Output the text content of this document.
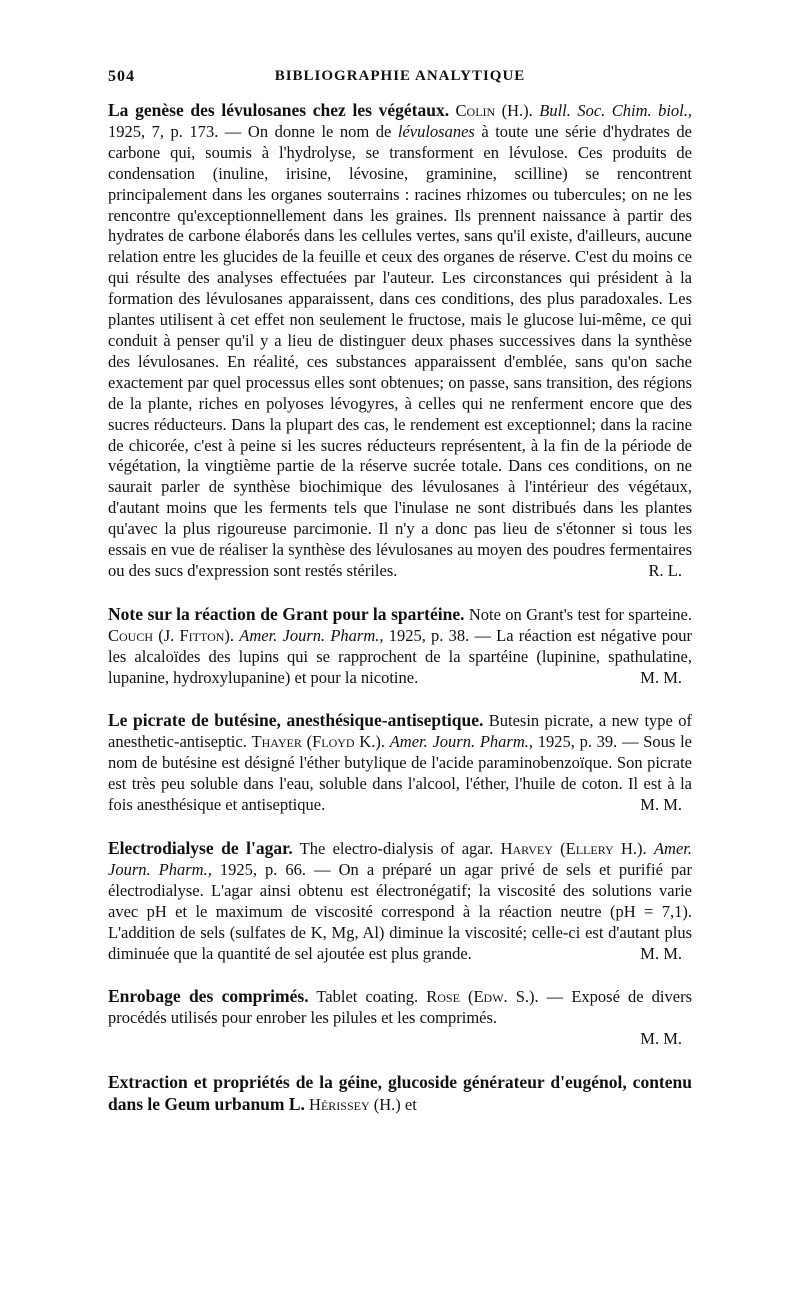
504	BIBLIOGRAPHIE ANALYTIQUE

La genèse des lévulosanes chez les végétaux. Colin (H.). Bull. Soc. Chim. biol., 1925, 7, p. 173. — On donne le nom de lévulosanes à toute une série d'hydrates de carbone qui, soumis à l'hydrolyse, se transforment en lévulose. Ces produits de condensation (inuline, irisine, lévosine, graminine, scilline) se rencontrent principalement dans les organes souterrains : racines rhizomes ou tubercules; on ne les rencontre qu'exceptionnellement dans les graines. Ils prennent naissance à partir des hydrates de carbone élaborés dans les cellules vertes, sans qu'il existe, d'ailleurs, aucune relation entre les glucides de la feuille et ceux des organes de réserve. C'est du moins ce qui résulte des analyses effectuées par l'auteur. Les circonstances qui président à la formation des lévulosanes apparaissent, dans ces conditions, des plus paradoxales. Les plantes utilisent à cet effet non seulement le fructose, mais le glucose lui-même, ce qui conduit à penser qu'il y a lieu de distinguer deux phases successives dans la synthèse des lévulosanes. En réalité, ces substances apparaissent d'emblée, sans qu'on sache exactement par quel processus elles sont obtenues; on passe, sans transition, des régions de la plante, riches en polyoses lévogyres, à celles qui ne renferment encore que des sucres réducteurs. Dans la plupart des cas, le rendement est exceptionnel; dans la racine de chicorée, c'est à peine si les sucres réducteurs représentent, à la fin de la période de végétation, la vingtième partie de la réserve sucrée totale. Dans ces conditions, on ne saurait parler de synthèse biochimique des lévulosanes à l'intérieur des végétaux, d'autant moins que les ferments tels que l'inulase ne sont distribués dans les plantes qu'avec la plus rigoureuse parcimonie. Il n'y a donc pas lieu de s'étonner si tous les essais en vue de réaliser la synthèse des lévulosanes au moyen des poudres fermentaires ou des sucs d'expression sont restés stériles.	R. L.

Note sur la réaction de Grant pour la spartéine. Note on Grant's test for sparteine. Couch (J. Fitton). Amer. Journ. Pharm., 1925, p. 38. — La réaction est négative pour les alcaloïdes des lupins qui se rapprochent de la spartéine (lupinine, spathulatine, lupanine, hydroxylupanine) et pour la nicotine.	M. M.

Le picrate de butésine, anesthésique-antiseptique. Butesin picrate, a new type of anesthetic-antiseptic. Thayer (Floyd K.). Amer. Journ. Pharm., 1925, p. 39. — Sous le nom de butésine est désigné l'éther butylique de l'acide paraminobenzoïque. Son picrate est très peu soluble dans l'eau, soluble dans l'alcool, l'éther, l'huile de coton. Il est à la fois anesthésique et antiseptique.	M. M.

Electrodialyse de l'agar. The electro-dialysis of agar. Harvey (Ellery H.). Amer. Journ. Pharm., 1925, p. 66. — On a préparé un agar privé de sels et purifié par électrodialyse. L'agar ainsi obtenu est électronégatif; la viscosité des solutions varie avec pH et le maximum de viscosité correspond à la réaction neutre (pH = 7,1). L'addition de sels (sulfates de K, Mg, Al) diminue la viscosité; celle-ci est d'autant plus diminuée que la quantité de sel ajoutée est plus grande.	M. M.

Enrobage des comprimés. Tablet coating. Rose (Edw. S.). — Exposé de divers procédés utilisés pour enrober les pilules et les comprimés.
M. M.

Extraction et propriétés de la géine, glucoside générateur d'eugénol, contenu dans le Geum urbanum L. Hérissey (H.) et
